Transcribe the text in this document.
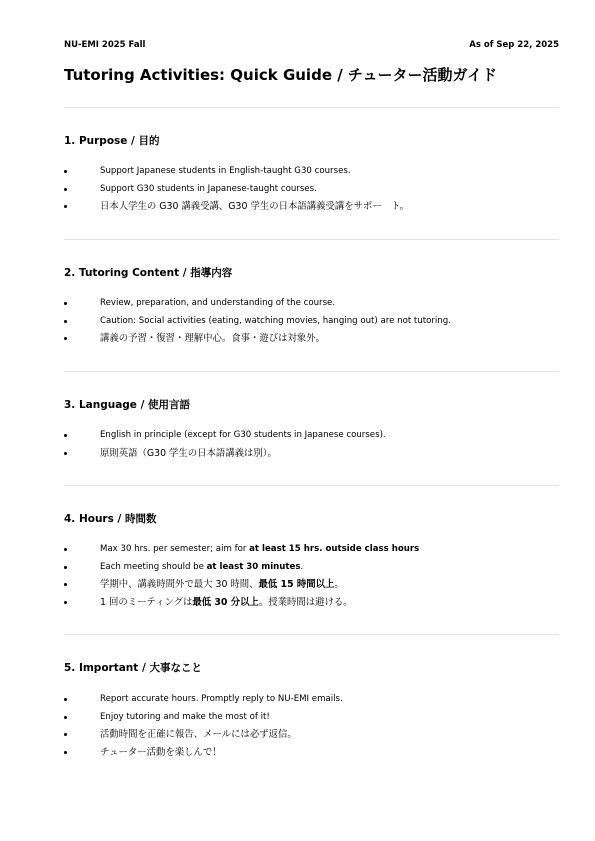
NU-EMI 2025 Fall	As of Sep 22, 2025
Tutoring Activities: Quick Guide / チューター活動ガイド
1. Purpose / 目的
Support Japanese students in English-taught G30 courses.
Support G30 students in Japanese-taught courses.
日本人学生の G30 講義受講、G30 学生の日本語講義受講をサポー　ト。
2. Tutoring Content / 指導内容
Review, preparation, and understanding of the course.
Caution: Social activities (eating, watching movies, hanging out) are not tutoring.
講義の予習・復習・理解中心。食事・遊びは対象外。
3. Language / 使用言語
English in principle (except for G30 students in Japanese courses).
原則英語（G30 学生の日本語講義は別）。
4. Hours / 時間数
Max 30 hrs. per semester; aim for at least 15 hrs. outside class hours
Each meeting should be at least 30 minutes.
学期中、講義時間外で最大 30 時間、最低 15 時間以上。
1 回のミーティングは最低 30 分以上。授業時間は避ける。
5. Important / 大事なこと
Report accurate hours. Promptly reply to NU-EMI emails.
Enjoy tutoring and make the most of it!
活動時間を正確に報告、メールには必ず返信。
チューター活動を楽しんで！
